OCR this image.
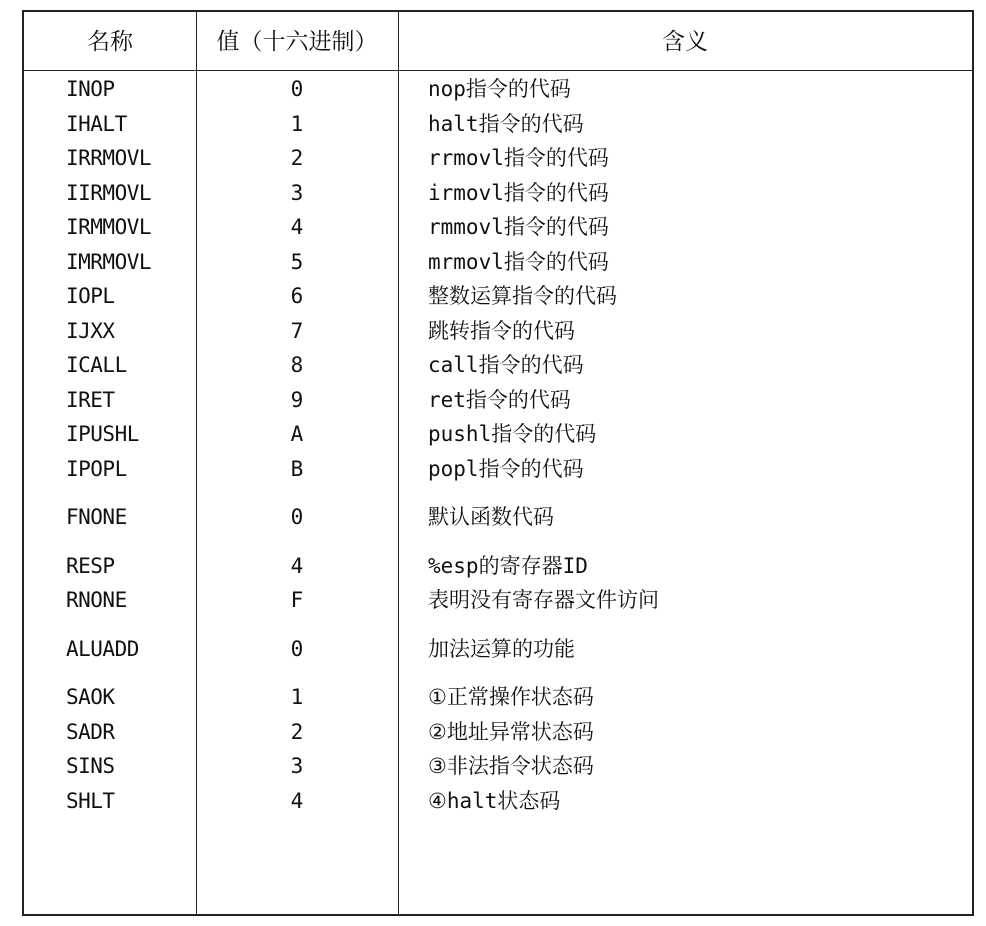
名称	值（十六进制）	含义
INOP	0	nop指令的代码
IHALT	1	halt指令的代码
IRRMOVL	2	rrmovl指令的代码
IIRMOVL	3	irmovl指令的代码
IRMMOVL	4	rmmovl指令的代码
IMRMOVL	5	mrmovl指令的代码
IOPL	6	整数运算指令的代码
IJXX	7	跳转指令的代码
ICALL	8	call指令的代码
IRET	9	ret指令的代码
IPUSHL	A	pushl指令的代码
IPOPL	B	popl指令的代码
FNONE	0	默认函数代码
RESP	4	%esp的寄存器ID
RNONE	F	表明没有寄存器文件访问
ALUADD	0	加法运算的功能
SAOK	1	①正常操作状态码
SADR	2	②地址异常状态码
SINS	3	③非法指令状态码
SHLT	4	④halt状态码
